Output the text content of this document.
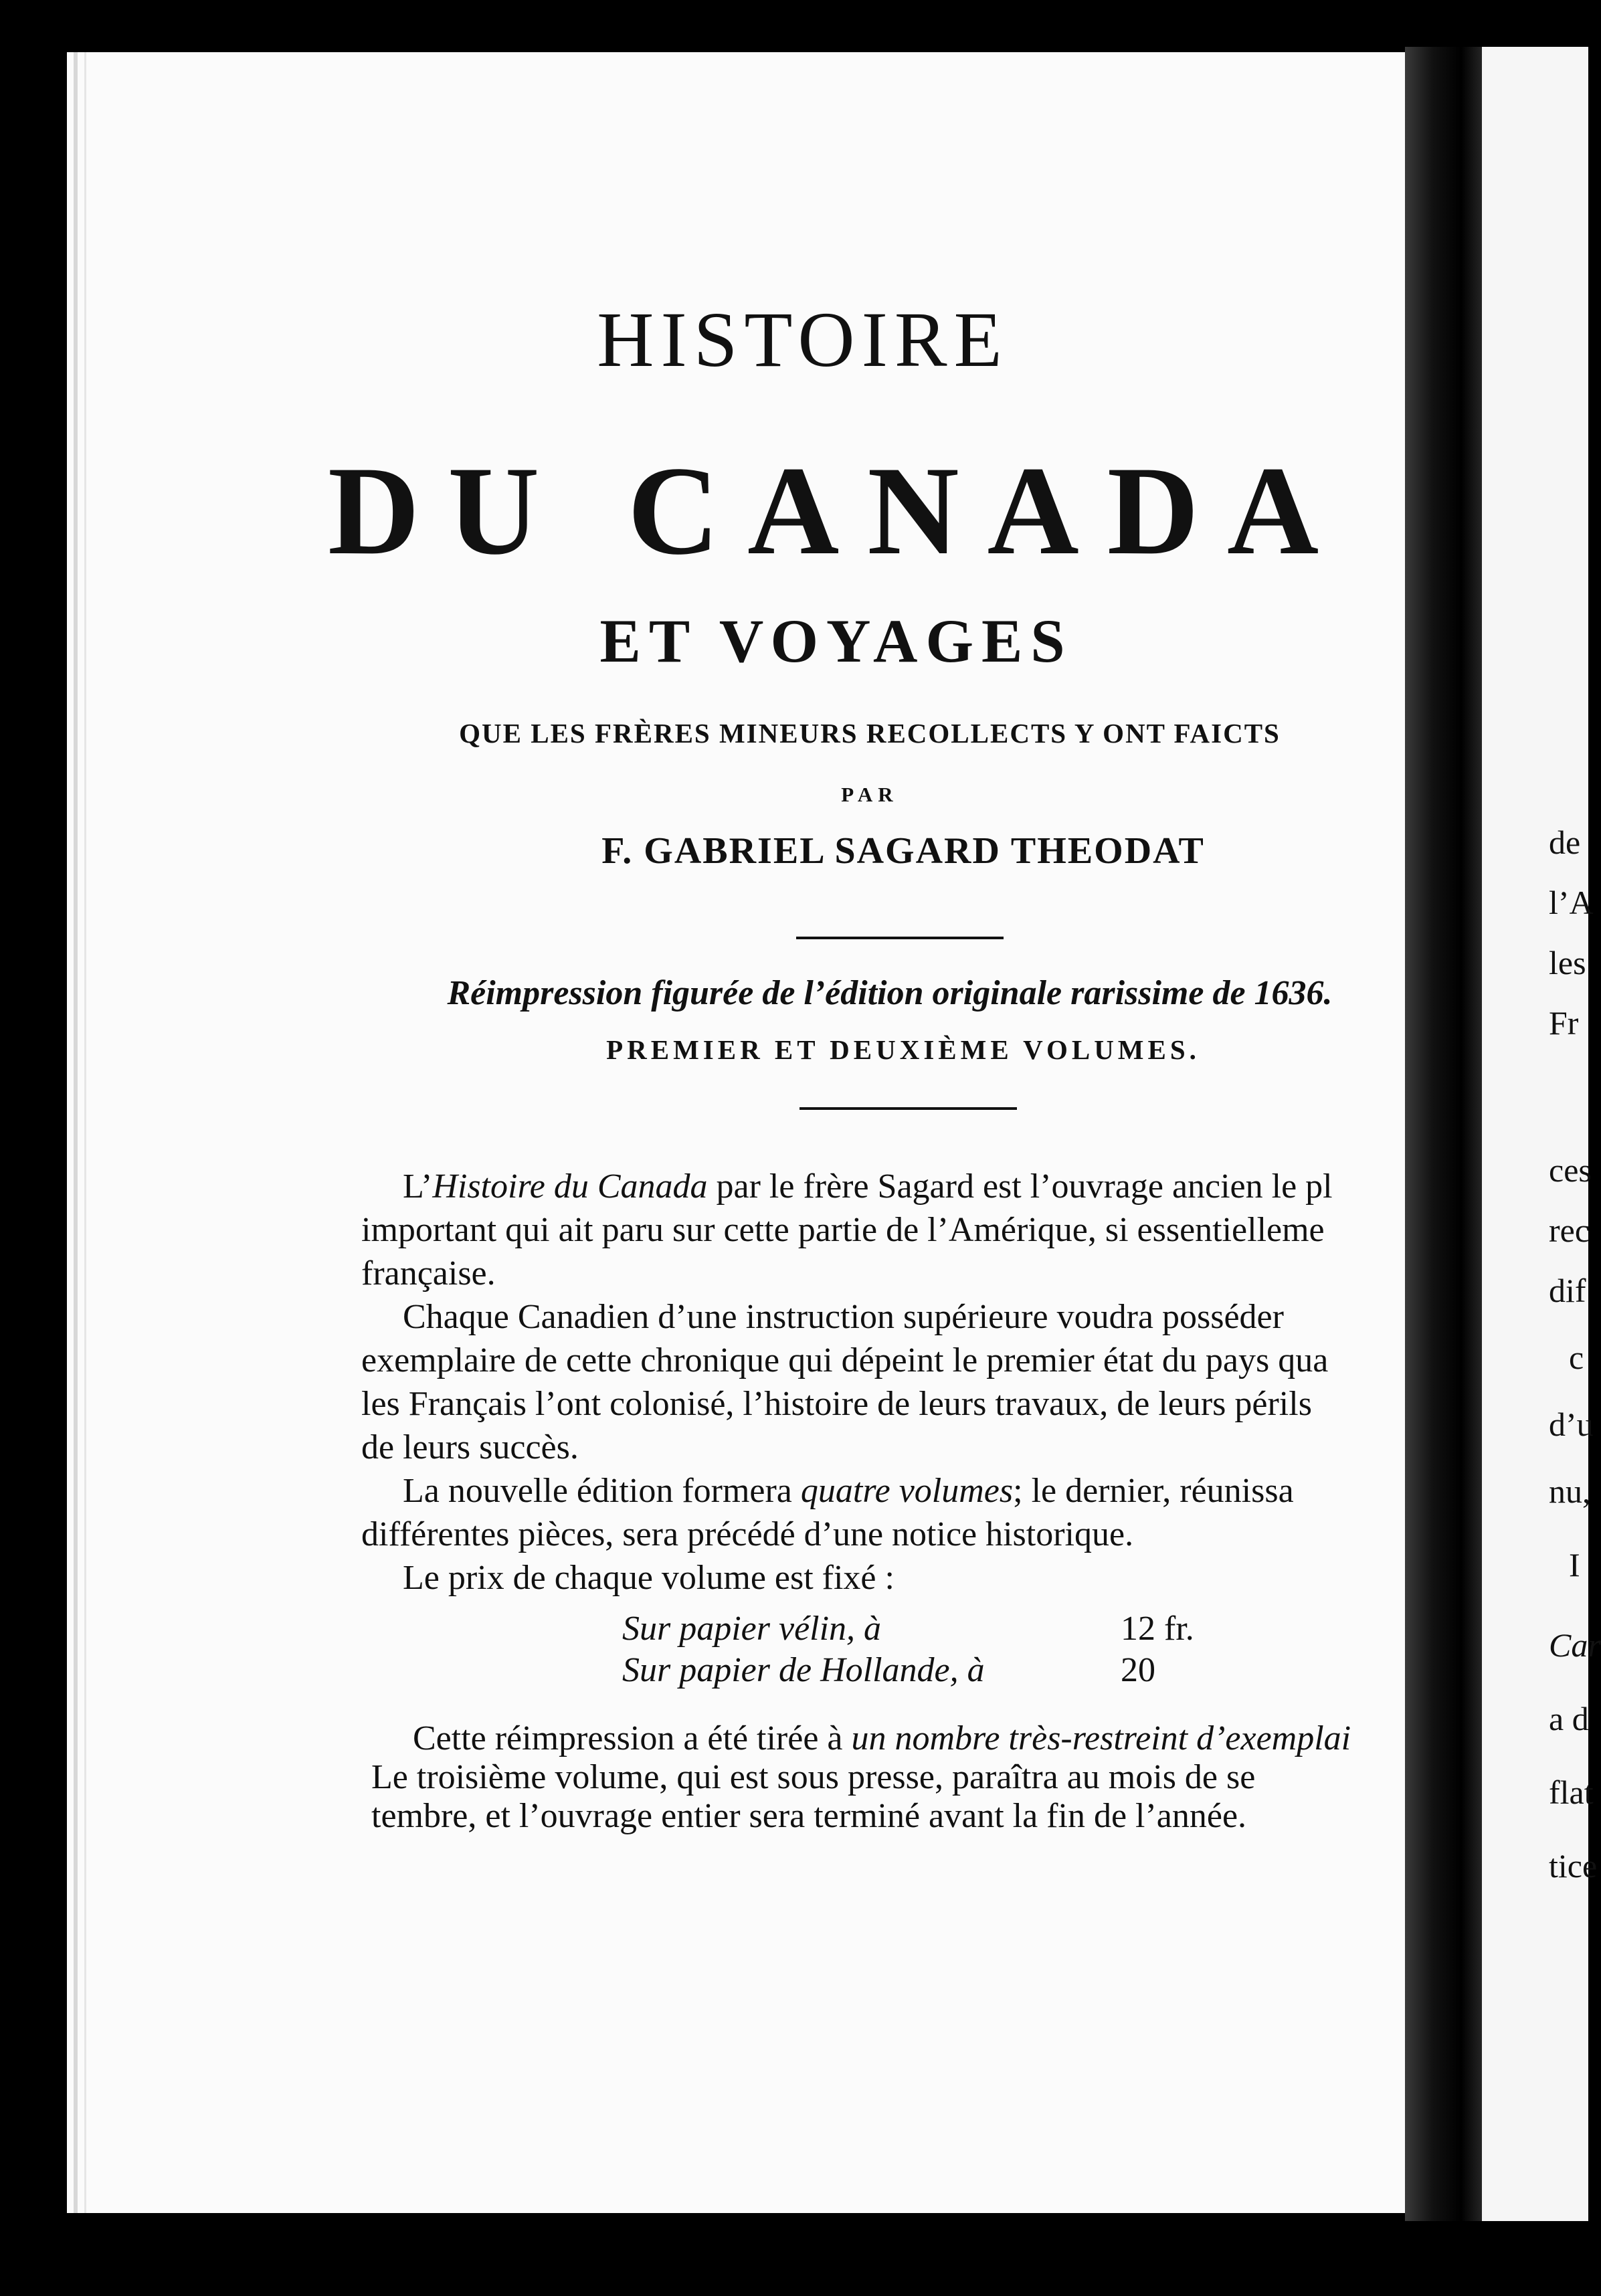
de
l’A
les
Fr
ces
rec
dif
c
d’u
nu,
I
Car
a d
flat
tice
HISTOIRE
DU CANADA
ET VOYAGES
QUE LES FRÈRES MINEURS RECOLLECTS Y ONT FAICTS
PAR
F. GABRIEL SAGARD THEODAT
Réimpression figurée de l’édition originale rarissime de 1636.
PREMIER ET DEUXIÈME VOLUMES.

L’Histoire du Canada par le frère Sagard est l’ouvrage ancien le pl

important qui ait paru sur cette partie de l’Amérique, si essentielleme

française.

Chaque Canadien d’une instruction supérieure voudra posséder

exemplaire de cette chronique qui dépeint le premier état du pays qua

les Français l’ont colonisé, l’histoire de leurs travaux, de leurs périls

de leurs succès.

La nouvelle édition formera quatre volumes; le dernier, réunissa

différentes pièces, sera précédé d’une notice historique.

Le prix de chaque volume est fixé :

Sur papier vélin, à	12 fr.
Sur papier de Hollande, à	20

Cette réimpression a été tirée à un nombre très-restreint d’exemplai

Le troisième volume, qui est sous presse, paraîtra au mois de se

tembre, et l’ouvrage entier sera terminé avant la fin de l’année.
